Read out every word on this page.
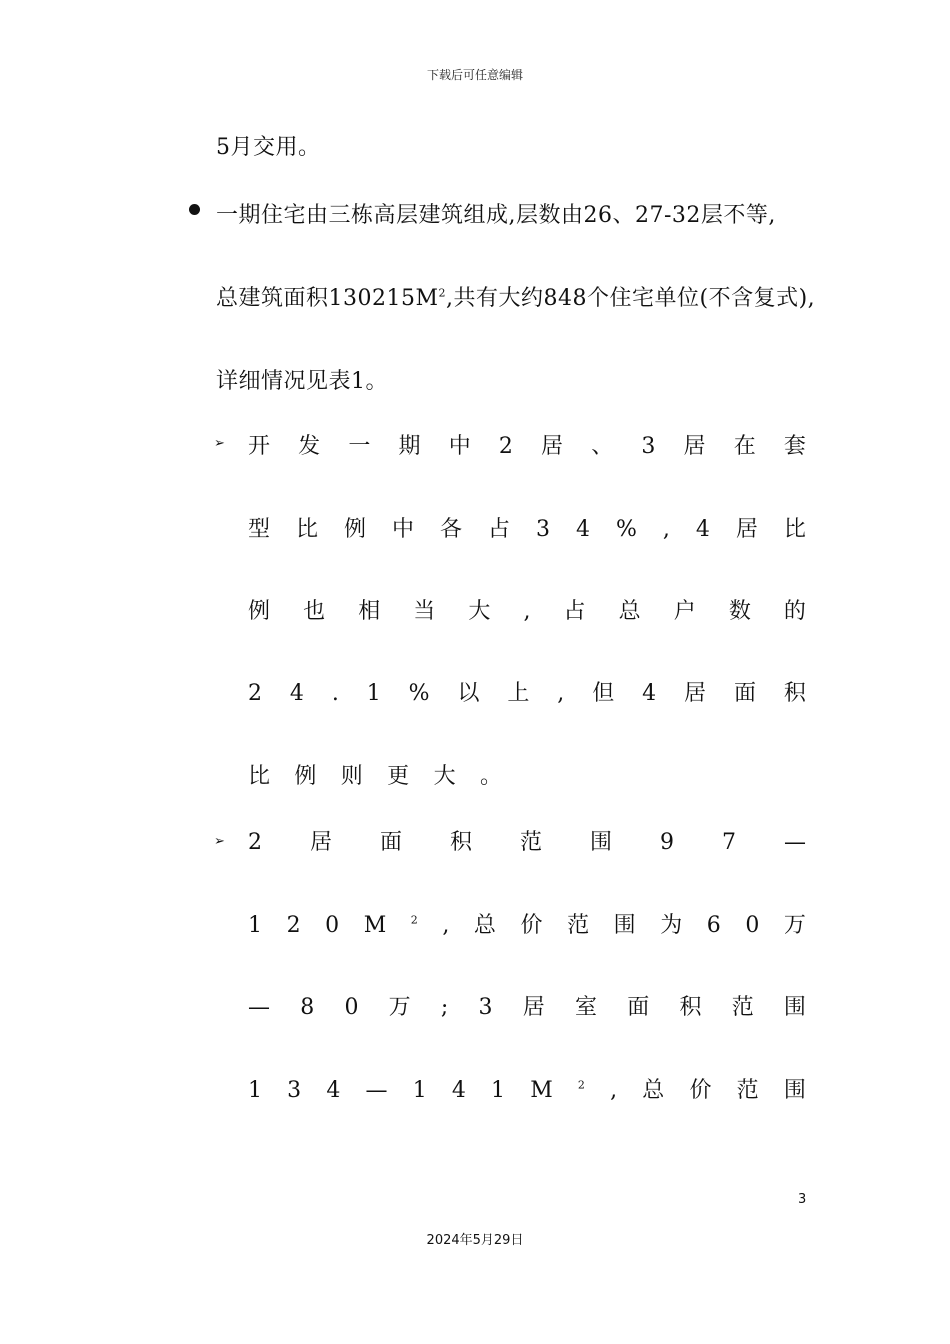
下载后可任意编辑
5月交用。
一期住宅由三栋高层建筑组成,层数由26、27-32层不等,
总建筑面积$130215M^2$,共有大约848个住宅单位(不含复式),
详细情况见表1。
➢ 开 发 一 期 中 2 居 、 3 居 在 套
型 比 例 中 各 占 3 4 % , 4 居 比
例 也 相 当 大 , 占 总 户 数 的
2 4 . 1 % 以 上 , 但 4 居 面 积
比 例 则 更 大 。
➢ 2 居 面 积 范 围 9 7 —
1 2 0 M $^2$ , 总 价 范 围 为 6 0 万
— 8 0 万 ; 3 居 室 面 积 范 围
1 3 4 — 1 4 1 M $^2$ , 总 价 范 围
3
2024年5月29日
